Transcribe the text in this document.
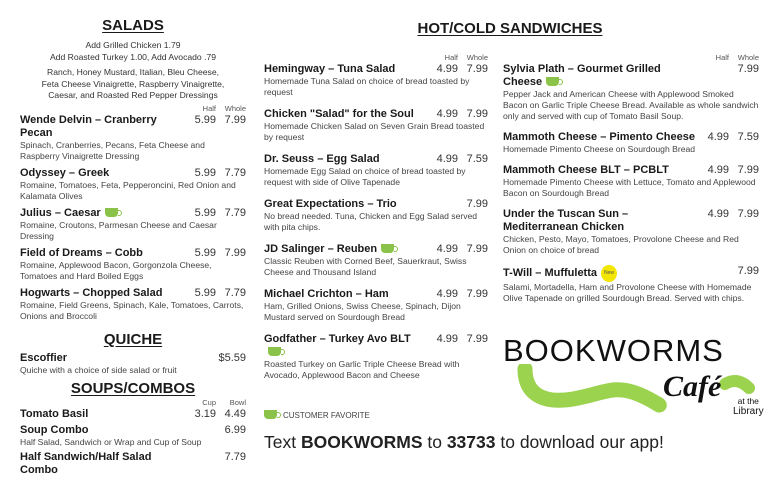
SALADS
Add Grilled Chicken 1.79
Add Roasted Turkey 1.00, Add Avocado .79
Ranch, Honey Mustard, Italian, Bleu Cheese,
Feta Cheese Vinaigrette, Raspberry Vinaigrette,
Caesar, and Roasted Red Pepper Dressings
Half	Whole
Wende Delvin – Cranberry Pecan
5.99 7.99
Spinach, Cranberries, Pecans, Feta Cheese and Raspberry Vinaigrette Dressing
Odyssey – Greek	5.99 7.79
Romaine, Tomatoes, Feta, Pepperoncini, Red Onion and Kalamata Olives
Julius – Caesar	5.99 7.79
Romaine, Croutons, Parmesan Cheese and Caesar Dressing
Field of Dreams – Cobb	5.99 7.99
Romaine, Applewood Bacon, Gorgonzola Cheese, Tomatoes and Hard Boiled Eggs
Hogwarts – Chopped Salad	5.99 7.79
Romaine, Field Greens, Spinach, Kale, Tomatoes, Carrots, Onions and Broccoli
QUICHE
Escoffier	$5.59
Quiche with a choice of side salad or fruit
SOUPS/COMBOS
Cup	Bowl
Tomato Basil	3.19 4.49
Soup Combo	6.99
Half Salad, Sandwich or Wrap and Cup of Soup
Half Sandwich/Half Salad Combo
7.79
HOT/COLD SANDWICHES
Half	Whole
Hemingway – Tuna Salad	4.99 7.99
Homemade Tuna Salad on choice of bread toasted by request
Chicken "Salad" for the Soul	4.99 7.99
Homemade Chicken Salad on Seven Grain Bread toasted by request
Dr. Seuss – Egg Salad	4.99 7.59
Homemade Egg Salad on choice of bread toasted by request with side of Olive Tapenade
Great Expectations – Trio	7.99
No bread needed. Tuna, Chicken and Egg Salad served with pita chips.
JD Salinger – Reuben	4.99 7.99
Classic Reuben with Corned Beef, Sauerkraut, Swiss Cheese and Thousand Island
Michael Crichton – Ham	4.99 7.99
Ham, Grilled Onions, Swiss Cheese, Spinach, Dijon Mustard served on Sourdough Bread
Godfather – Turkey Avo BLT	4.99 7.99
Roasted Turkey on Garlic Triple Cheese Bread with Avocado, Applewood Bacon and Cheese
Half	Whole
Sylvia Plath – Gourmet Grilled Cheese
7.99
Pepper Jack and American Cheese with Applewood Smoked Bacon on Garlic Triple Cheese Bread. Available as whole sandwich only and served with cup of Tomato Basil Soup.
Mammoth Cheese – Pimento Cheese	4.99 7.59
Homemade Pimento Cheese on Sourdough Bread
Mammoth Cheese BLT – PCBLT	4.99 7.99
Homemade Pimento Cheese with Lettuce, Tomato and Applewood Bacon on Sourdough Bread
Under the Tuscan Sun – Mediterranean Chicken
4.99 7.99
Chicken, Pesto, Mayo, Tomatoes, Provolone Cheese and Red Onion on choice of bread
T-Will – Muffuletta New	7.99
Salami, Mortadella, Ham and Provolone Cheese with Homemade Olive Tapenade on grilled Sourdough Bread. Served with chips.
CUSTOMER FAVORITE
BOOKWORMS
Café	at the
Library
Text BOOKWORMS to 33733 to download our app!
